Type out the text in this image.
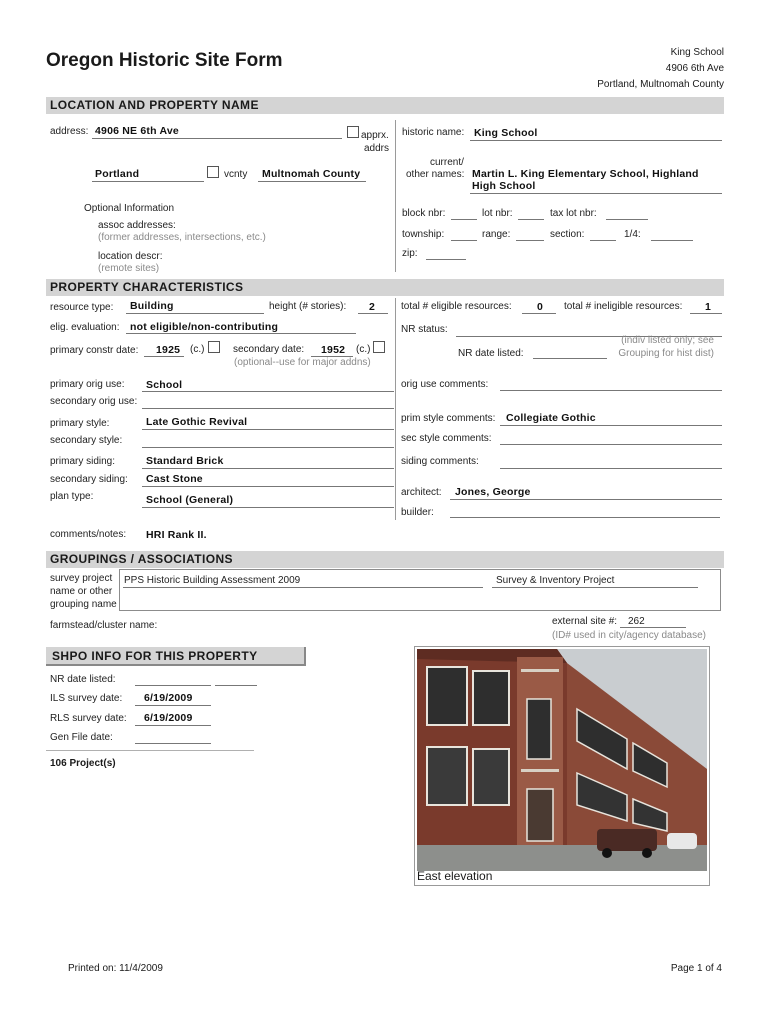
Oregon Historic Site Form	King School
4906 6th Ave
Portland, Multnomah County
LOCATION AND PROPERTY NAME
address: 4906 NE 6th Ave	apprx.
addrs
Portland	vcnty Multnomah County
Optional Information
assoc addresses:
(former addresses, intersections, etc.)
location descr:
(remote sites)
historic name: King School
current/
other names: Martin L. King Elementary School, Highland
High School
block nbr:	lot nbr:	tax lot nbr:
township:	range:	section:	1/4:
zip:
PROPERTY CHARACTERISTICS
resource type: Building	height (# stories): 2	total # eligible resources: 0 total # ineligible resources: 1
elig. evaluation: not eligible/non-contributing	NR status:
primary constr date: 1925 (c.)	secondary date: 1952 (c.)
(optional--use for major addns)
NR date listed:
(indiv listed only; see
Grouping for hist dist)
primary orig use: School
secondary orig use:
orig use comments:
primary style:	Late Gothic Revival	prim style comments: Collegiate Gothic
secondary style:	sec style comments:
primary siding:	Standard Brick	siding comments:
secondary siding: Cast Stone
plan type:	School (General)
architect: Jones, George
builder:
comments/notes: HRI Rank II.
GROUPINGS / ASSOCIATIONS
survey project
name or other
grouping name
PPS Historic Building Assessment 2009	Survey & Inventory Project
farmstead/cluster name:	external site #: 262
(ID# used in city/agency database)
SHPO INFO FOR THIS PROPERTY
NR date listed:
ILS survey date: 6/19/2009
RLS survey date: 6/19/2009
Gen File date:
106 Project(s)
East elevation
Printed on: 11/4/2009	Page 1 of 4
